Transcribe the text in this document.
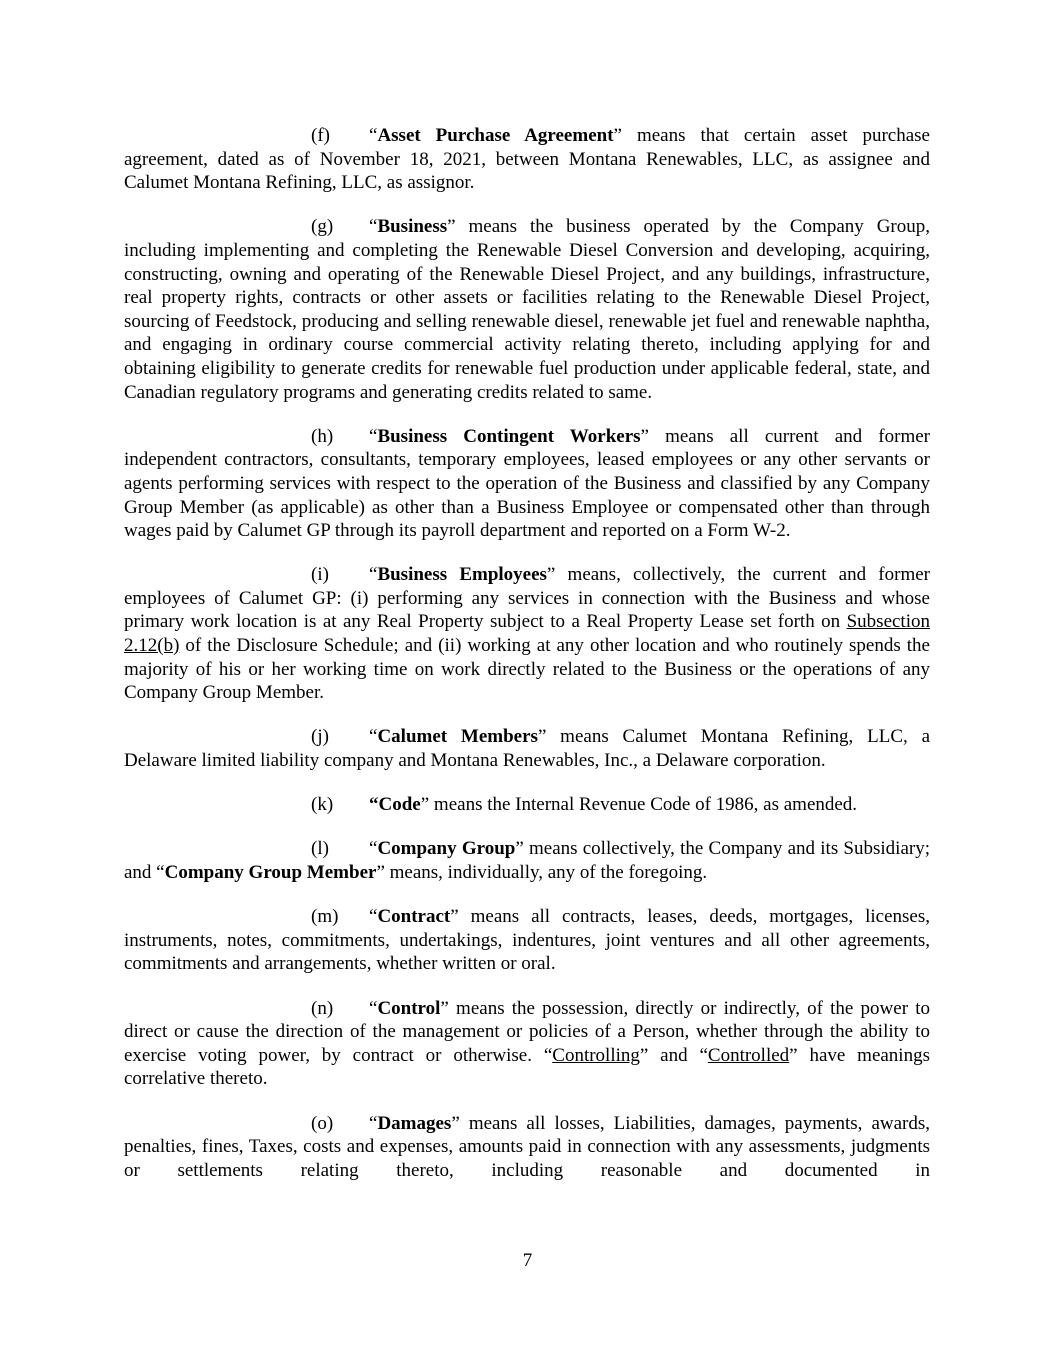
(f) “Asset Purchase Agreement” means that certain asset purchase agreement, dated as of November 18, 2021, between Montana Renewables, LLC, as assignee and Calumet Montana Refining, LLC, as assignor.

(g) “Business” means the business operated by the Company Group, including implementing and completing the Renewable Diesel Conversion and developing, acquiring, constructing, owning and operating of the Renewable Diesel Project, and any buildings, infrastructure, real property rights, contracts or other assets or facilities relating to the Renewable Diesel Project, sourcing of Feedstock, producing and selling renewable diesel, renewable jet fuel and renewable naphtha, and engaging in ordinary course commercial activity relating thereto, including applying for and obtaining eligibility to generate credits for renewable fuel production under applicable federal, state, and Canadian regulatory programs and generating credits related to same.

(h) “Business Contingent Workers” means all current and former independent contractors, consultants, temporary employees, leased employees or any other servants or agents performing services with respect to the operation of the Business and classified by any Company Group Member (as applicable) as other than a Business Employee or compensated other than through wages paid by Calumet GP through its payroll department and reported on a Form W-2.

(i) “Business Employees” means, collectively, the current and former employees of Calumet GP: (i) performing any services in connection with the Business and whose primary work location is at any Real Property subject to a Real Property Lease set forth on Subsection 2.12(b) of the Disclosure Schedule; and (ii) working at any other location and who routinely spends the majority of his or her working time on work directly related to the Business or the operations of any Company Group Member.

(j) “Calumet Members” means Calumet Montana Refining, LLC, a Delaware limited liability company and Montana Renewables, Inc., a Delaware corporation.

(k) “Code” means the Internal Revenue Code of 1986, as amended.

(l) “Company Group” means collectively, the Company and its Subsidiary; and “Company Group Member” means, individually, any of the foregoing.

(m) “Contract” means all contracts, leases, deeds, mortgages, licenses, instruments, notes, commitments, undertakings, indentures, joint ventures and all other agreements, commitments and arrangements, whether written or oral.

(n) “Control” means the possession, directly or indirectly, of the power to direct or cause the direction of the management or policies of a Person, whether through the ability to exercise voting power, by contract or otherwise. “Controlling” and “Controlled” have meanings correlative thereto.

(o) “Damages” means all losses, Liabilities, damages, payments, awards, penalties, fines, Taxes, costs and expenses, amounts paid in connection with any assessments, judgments or settlements relating thereto, including reasonable and documented in

7
